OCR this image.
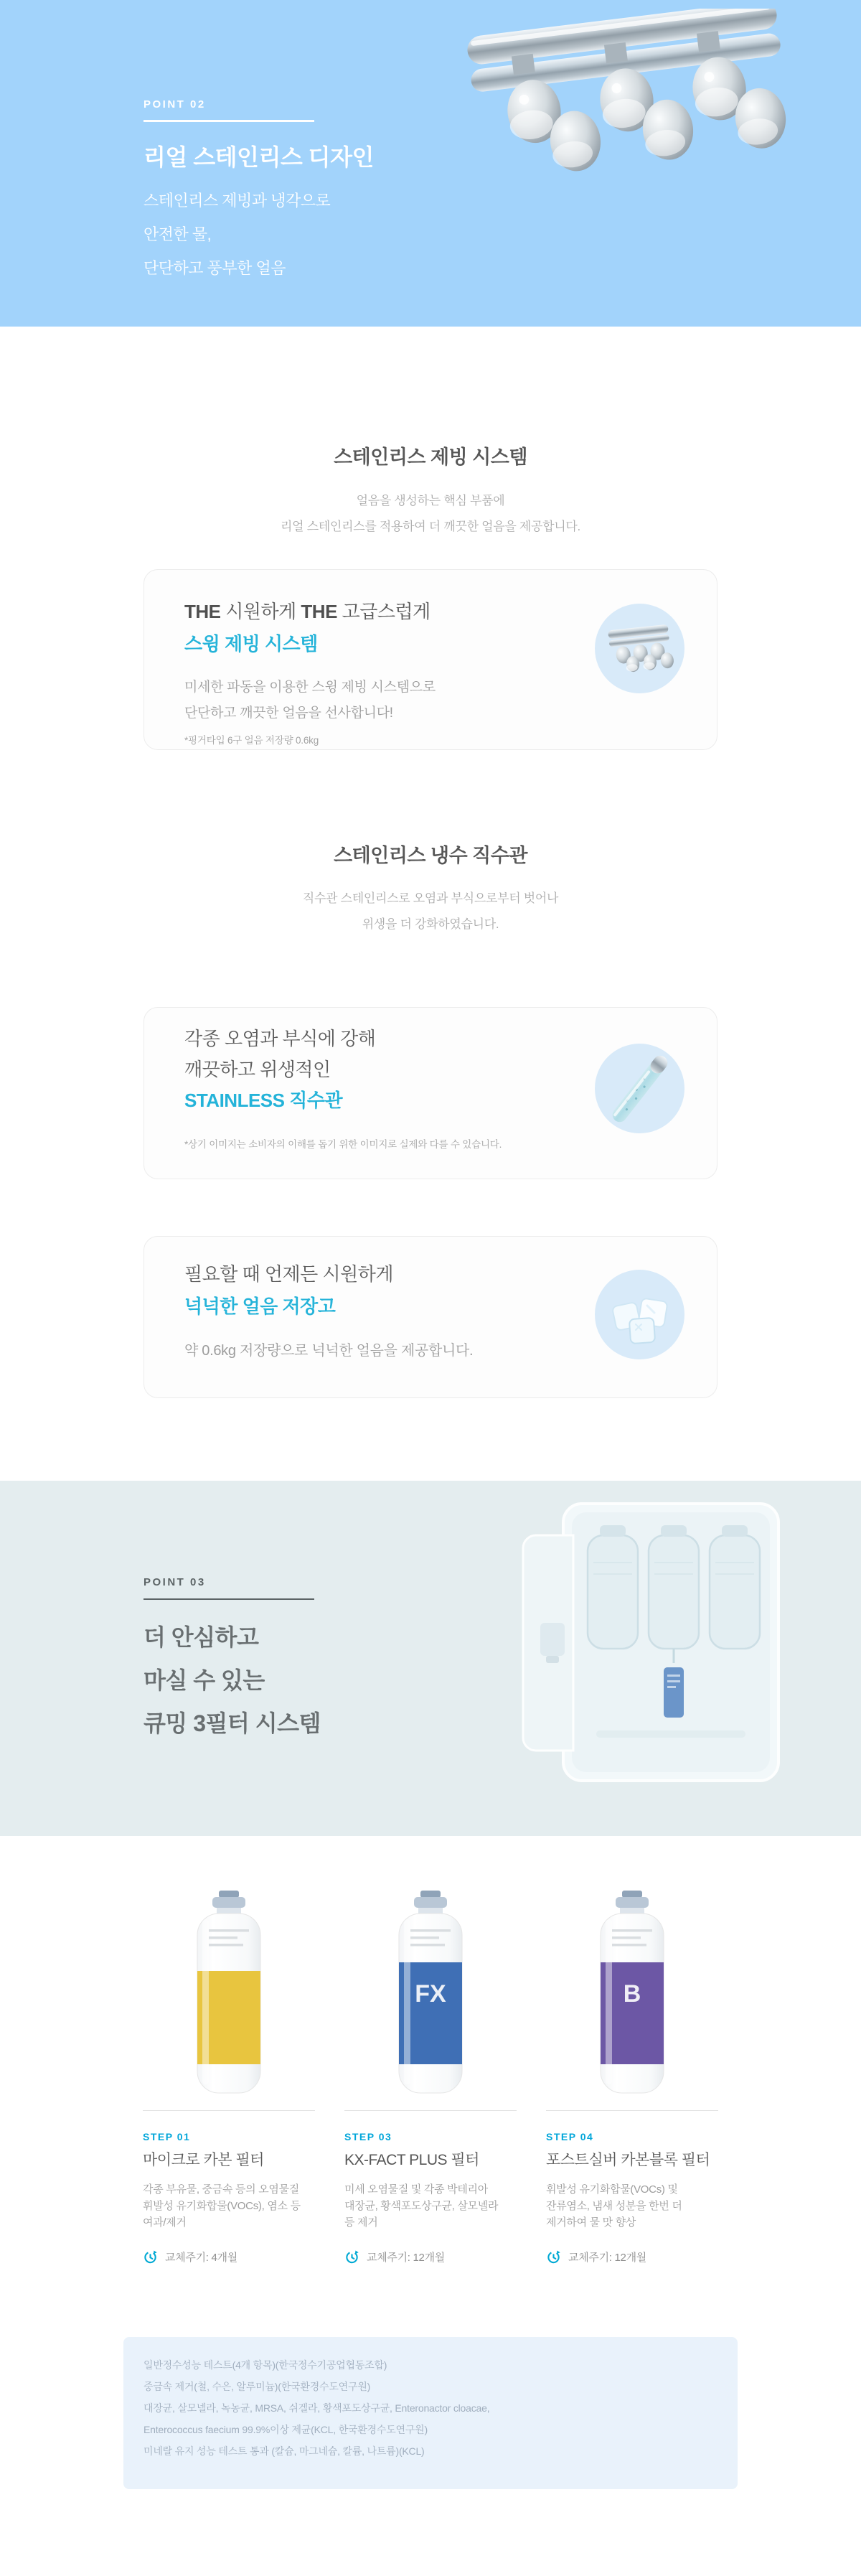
POINT 02
리얼 스테인리스 디자인
스테인리스 제빙과 냉각으로
안전한 물,
단단하고 풍부한 얼음
스테인리스 제빙 시스템
얼음을 생성하는 핵심 부품에
리얼 스테인리스를 적용하여 더 깨끗한 얼음을 제공합니다.
THE 시원하게 THE 고급스럽게
스윙 제빙 시스템
미세한 파동을 이용한 스윙 제빙 시스템으로
단단하고 깨끗한 얼음을 선사합니다!
*핑거타입 6구 얼음 저장량 0.6kg
스테인리스 냉수 직수관
직수관 스테인리스로 오염과 부식으로부터 벗어나
위생을 더 강화하였습니다.
각종 오염과 부식에 강해
깨끗하고 위생적인
STAINLESS 직수관
*상기 이미지는 소비자의 이해를 돕기 위한 이미지로 실제와 다를 수 있습니다.
필요할 때 언제든 시원하게
넉넉한 얼음 저장고
약 0.6kg 저장량으로 넉넉한 얼음을 제공합니다.
POINT 03
더 안심하고
마실 수 있는
큐밍 3필터 시스템
STEP 01
마이크로 카본 필터
각종 부유물, 중금속 등의 오염물질
휘발성 유기화합물(VOCs), 염소 등
여과/제거
교체주기: 4개월
FX
STEP 03
KX-FACT PLUS 필터
미세 오염물질 및 각종 박테리아
대장균, 황색포도상구균, 살모넬라
등 제거
교체주기: 12개월
B
STEP 04
포스트실버 카본블록 필터
휘발성 유기화합물(VOCs) 및
잔류염소, 냄새 성분을 한번 더
제거하여 물 맛 향상
교체주기: 12개월
일반정수성능 테스트(4개 항목)(한국정수기공업협동조합)
중금속 제거(철, 수은, 알루미늄)(한국환경수도연구원)
대장균, 살모넬라, 녹농균, MRSA, 쉬겔라, 황색포도상구균, Enteronactor cloacae,
Enterococcus faecium 99.9%이상 제균(KCL, 한국환경수도연구원)
미네랄 유지 성능 테스트 통과 (칼슘, 마그네슘, 칼륨, 나트륨)(KCL)
